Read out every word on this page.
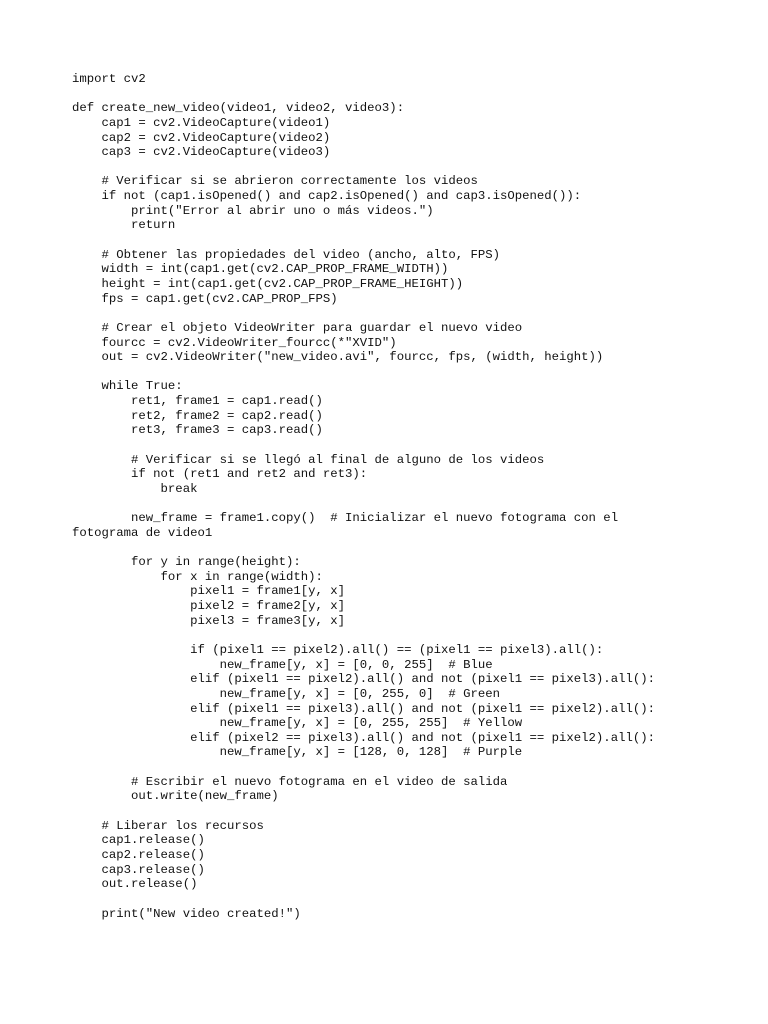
import cv2
def create_new_video(video1, video2, video3):
cap1 = cv2.VideoCapture(video1)
cap2 = cv2.VideoCapture(video2)
cap3 = cv2.VideoCapture(video3)
# Verificar si se abrieron correctamente los videos
if not (cap1.isOpened() and cap2.isOpened() and cap3.isOpened()):
print("Error al abrir uno o más videos.")
return
# Obtener las propiedades del video (ancho, alto, FPS)
width = int(cap1.get(cv2.CAP_PROP_FRAME_WIDTH))
height = int(cap1.get(cv2.CAP_PROP_FRAME_HEIGHT))
fps = cap1.get(cv2.CAP_PROP_FPS)
# Crear el objeto VideoWriter para guardar el nuevo video
fourcc = cv2.VideoWriter_fourcc(*"XVID")
out = cv2.VideoWriter("new_video.avi", fourcc, fps, (width, height))
while True:
ret1, frame1 = cap1.read()
ret2, frame2 = cap2.read()
ret3, frame3 = cap3.read()
# Verificar si se llegó al final de alguno de los videos
if not (ret1 and ret2 and ret3):
break
new_frame = frame1.copy()  # Inicializar el nuevo fotograma con el
fotograma de video1
for y in range(height):
for x in range(width):
pixel1 = frame1[y, x]
pixel2 = frame2[y, x]
pixel3 = frame3[y, x]
if (pixel1 == pixel2).all() == (pixel1 == pixel3).all():
new_frame[y, x] = [0, 0, 255]  # Blue
elif (pixel1 == pixel2).all() and not (pixel1 == pixel3).all():
new_frame[y, x] = [0, 255, 0]  # Green
elif (pixel1 == pixel3).all() and not (pixel1 == pixel2).all():
new_frame[y, x] = [0, 255, 255]  # Yellow
elif (pixel2 == pixel3).all() and not (pixel1 == pixel2).all():
new_frame[y, x] = [128, 0, 128]  # Purple
# Escribir el nuevo fotograma en el video de salida
out.write(new_frame)
# Liberar los recursos
cap1.release()
cap2.release()
cap3.release()
out.release()
print("New video created!")
